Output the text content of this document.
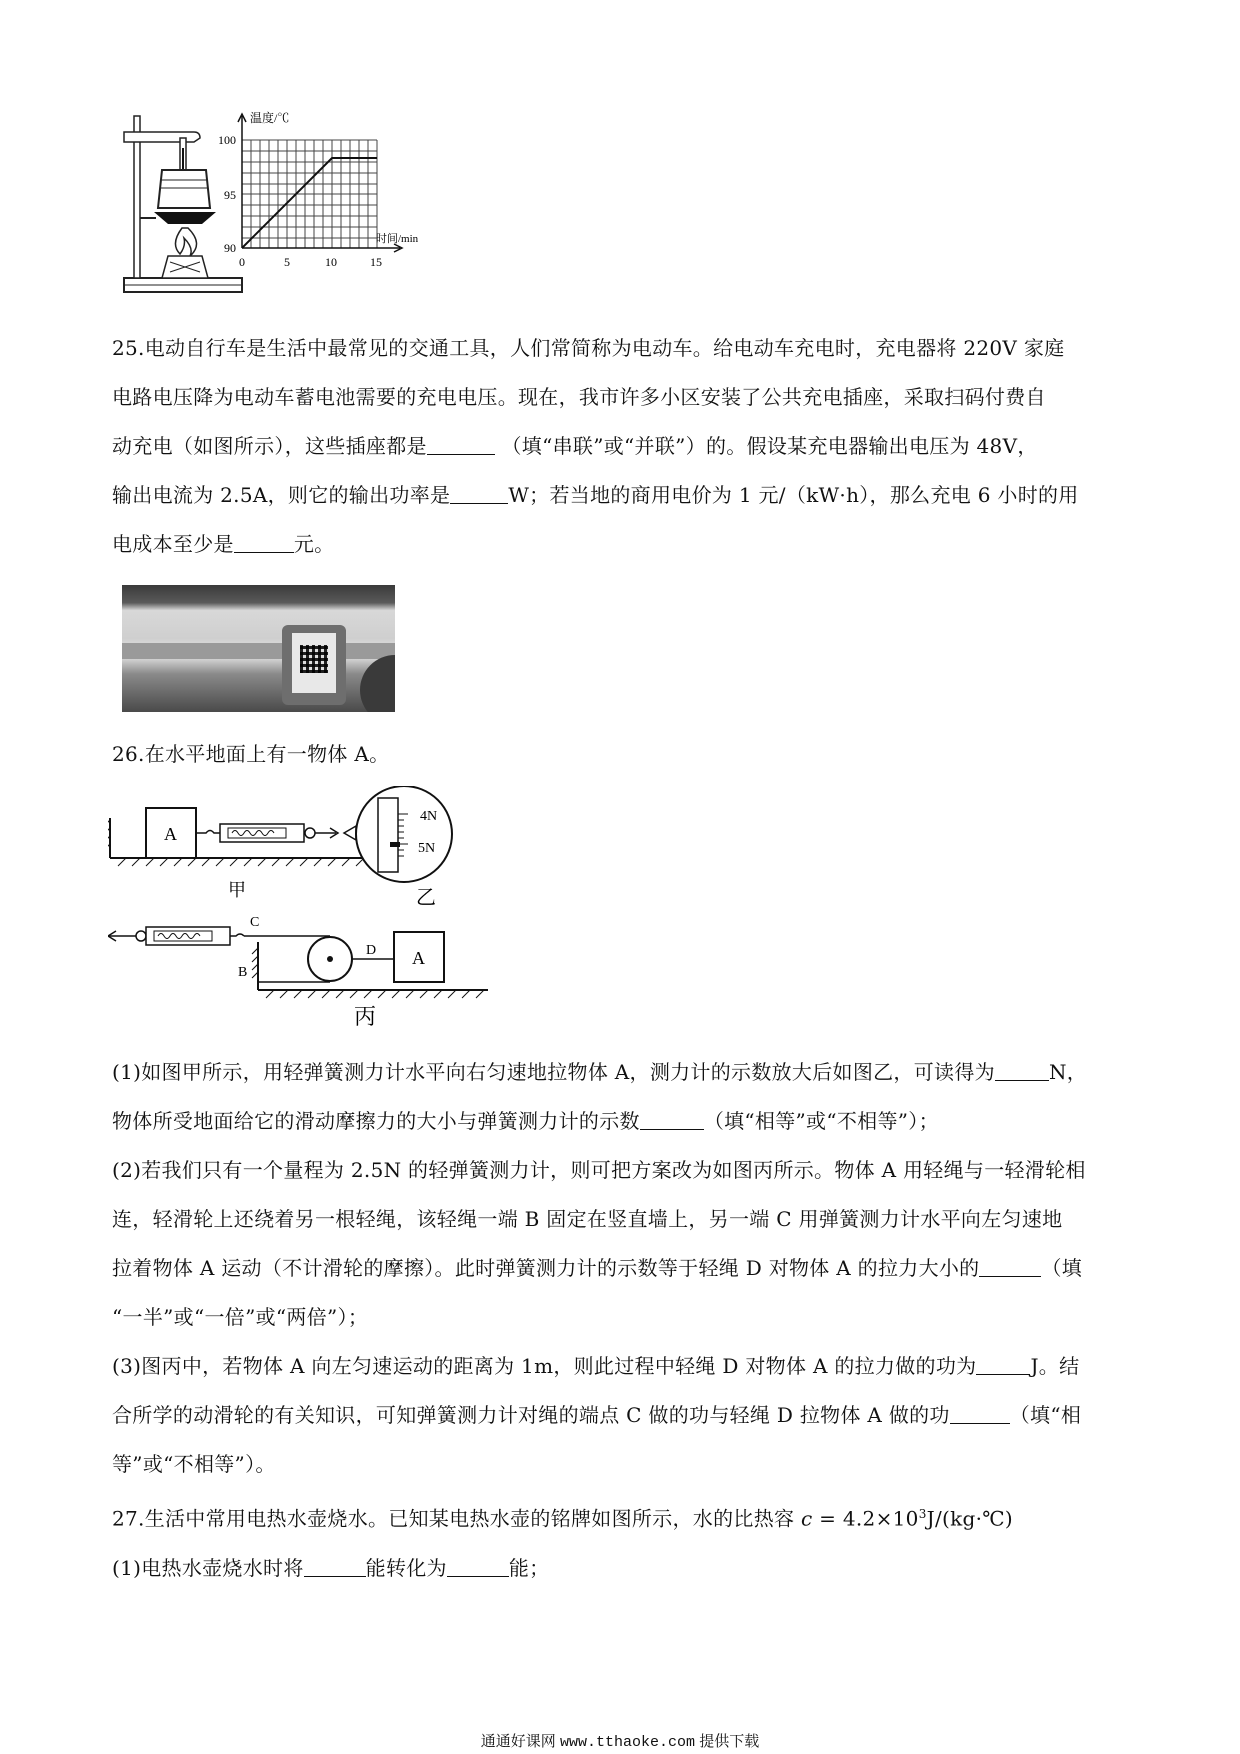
温度/℃
时间/min
100
95
90
0	5	10	15
25.电动自行车是生活中最常见的交通工具，人们常简称为电动车。给电动车充电时，充电器将 220V 家庭
电路电压降为电动车蓄电池需要的充电电压。现在，我市许多小区安装了公共充电插座，采取扫码付费自
动充电（如图所示），这些插座都是	（填“串联”或“并联”）的。假设某充电器输出电压为 48V，
输出电流为 2.5A，则它的输出功率是	W；若当地的商用电价为 1 元/（kW·h），那么充电 6 小时的用
电成本至少是	元。
26.在水平地面上有一物体 A。
A
4N
5N
甲	乙
C
B
D A
丙
(1)如图甲所示，用轻弹簧测力计水平向右匀速地拉物体 A，测力计的示数放大后如图乙，可读得为	N，
物体所受地面给它的滑动摩擦力的大小与弹簧测力计的示数	（填“相等”或“不相等”）；
(2)若我们只有一个量程为 2.5N 的轻弹簧测力计，则可把方案改为如图丙所示。物体 A 用轻绳与一轻滑轮相
连，轻滑轮上还绕着另一根轻绳，该轻绳一端 B 固定在竖直墙上，另一端 C 用弹簧测力计水平向左匀速地
拉着物体 A 运动（不计滑轮的摩擦）。此时弹簧测力计的示数等于轻绳 D 对物体 A 的拉力大小的	（填
“一半”或“一倍”或“两倍”）；
(3)图丙中，若物体 A 向左匀速运动的距离为 1m，则此过程中轻绳 D 对物体 A 的拉力做的功为	J。结
合所学的动滑轮的有关知识，可知弹簧测力计对绳的端点 C 做的功与轻绳 D 拉物体 A 做的功	（填“相
等”或“不相等”）。
27.生活中常用电热水壶烧水。已知某电热水壶的铭牌如图所示，水的比热容 $c = 4.2\times 10^3J/(kg\cdot℃)$
(1)电热水壶烧水时将	能转化为	能；
通通好课网 www.tthaoke.com 提供下载
